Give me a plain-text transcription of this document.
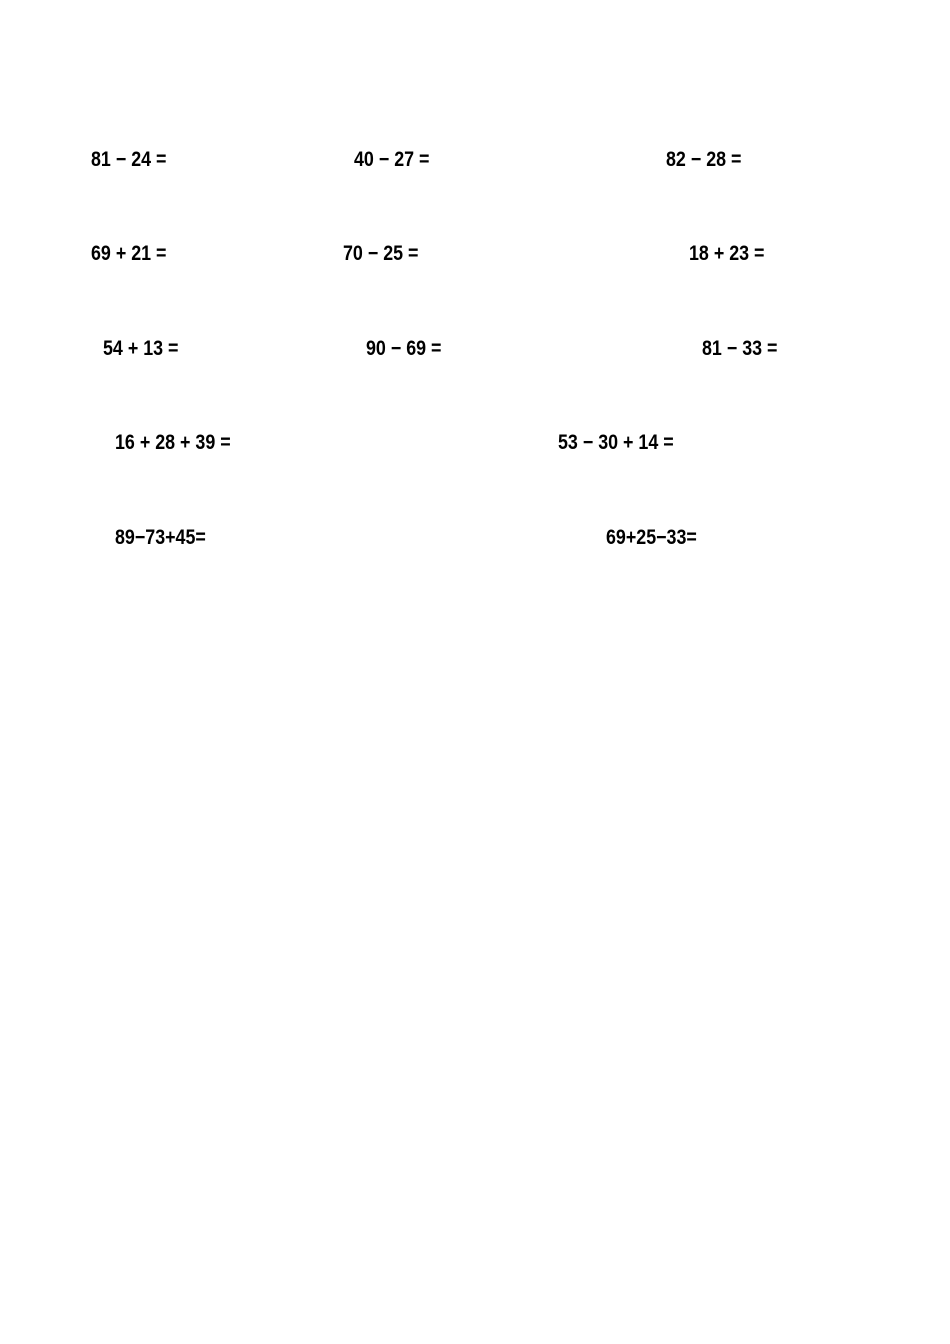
81 − 24 =	40 − 27 =	82 − 28 =
69 + 21 =	70 − 25 =	18 + 23 =
54 + 13 =	90 − 69 =	81 − 33 =
16 + 28 + 39 =	53 − 30 + 14 =
89−73+45=	69+25−33=
